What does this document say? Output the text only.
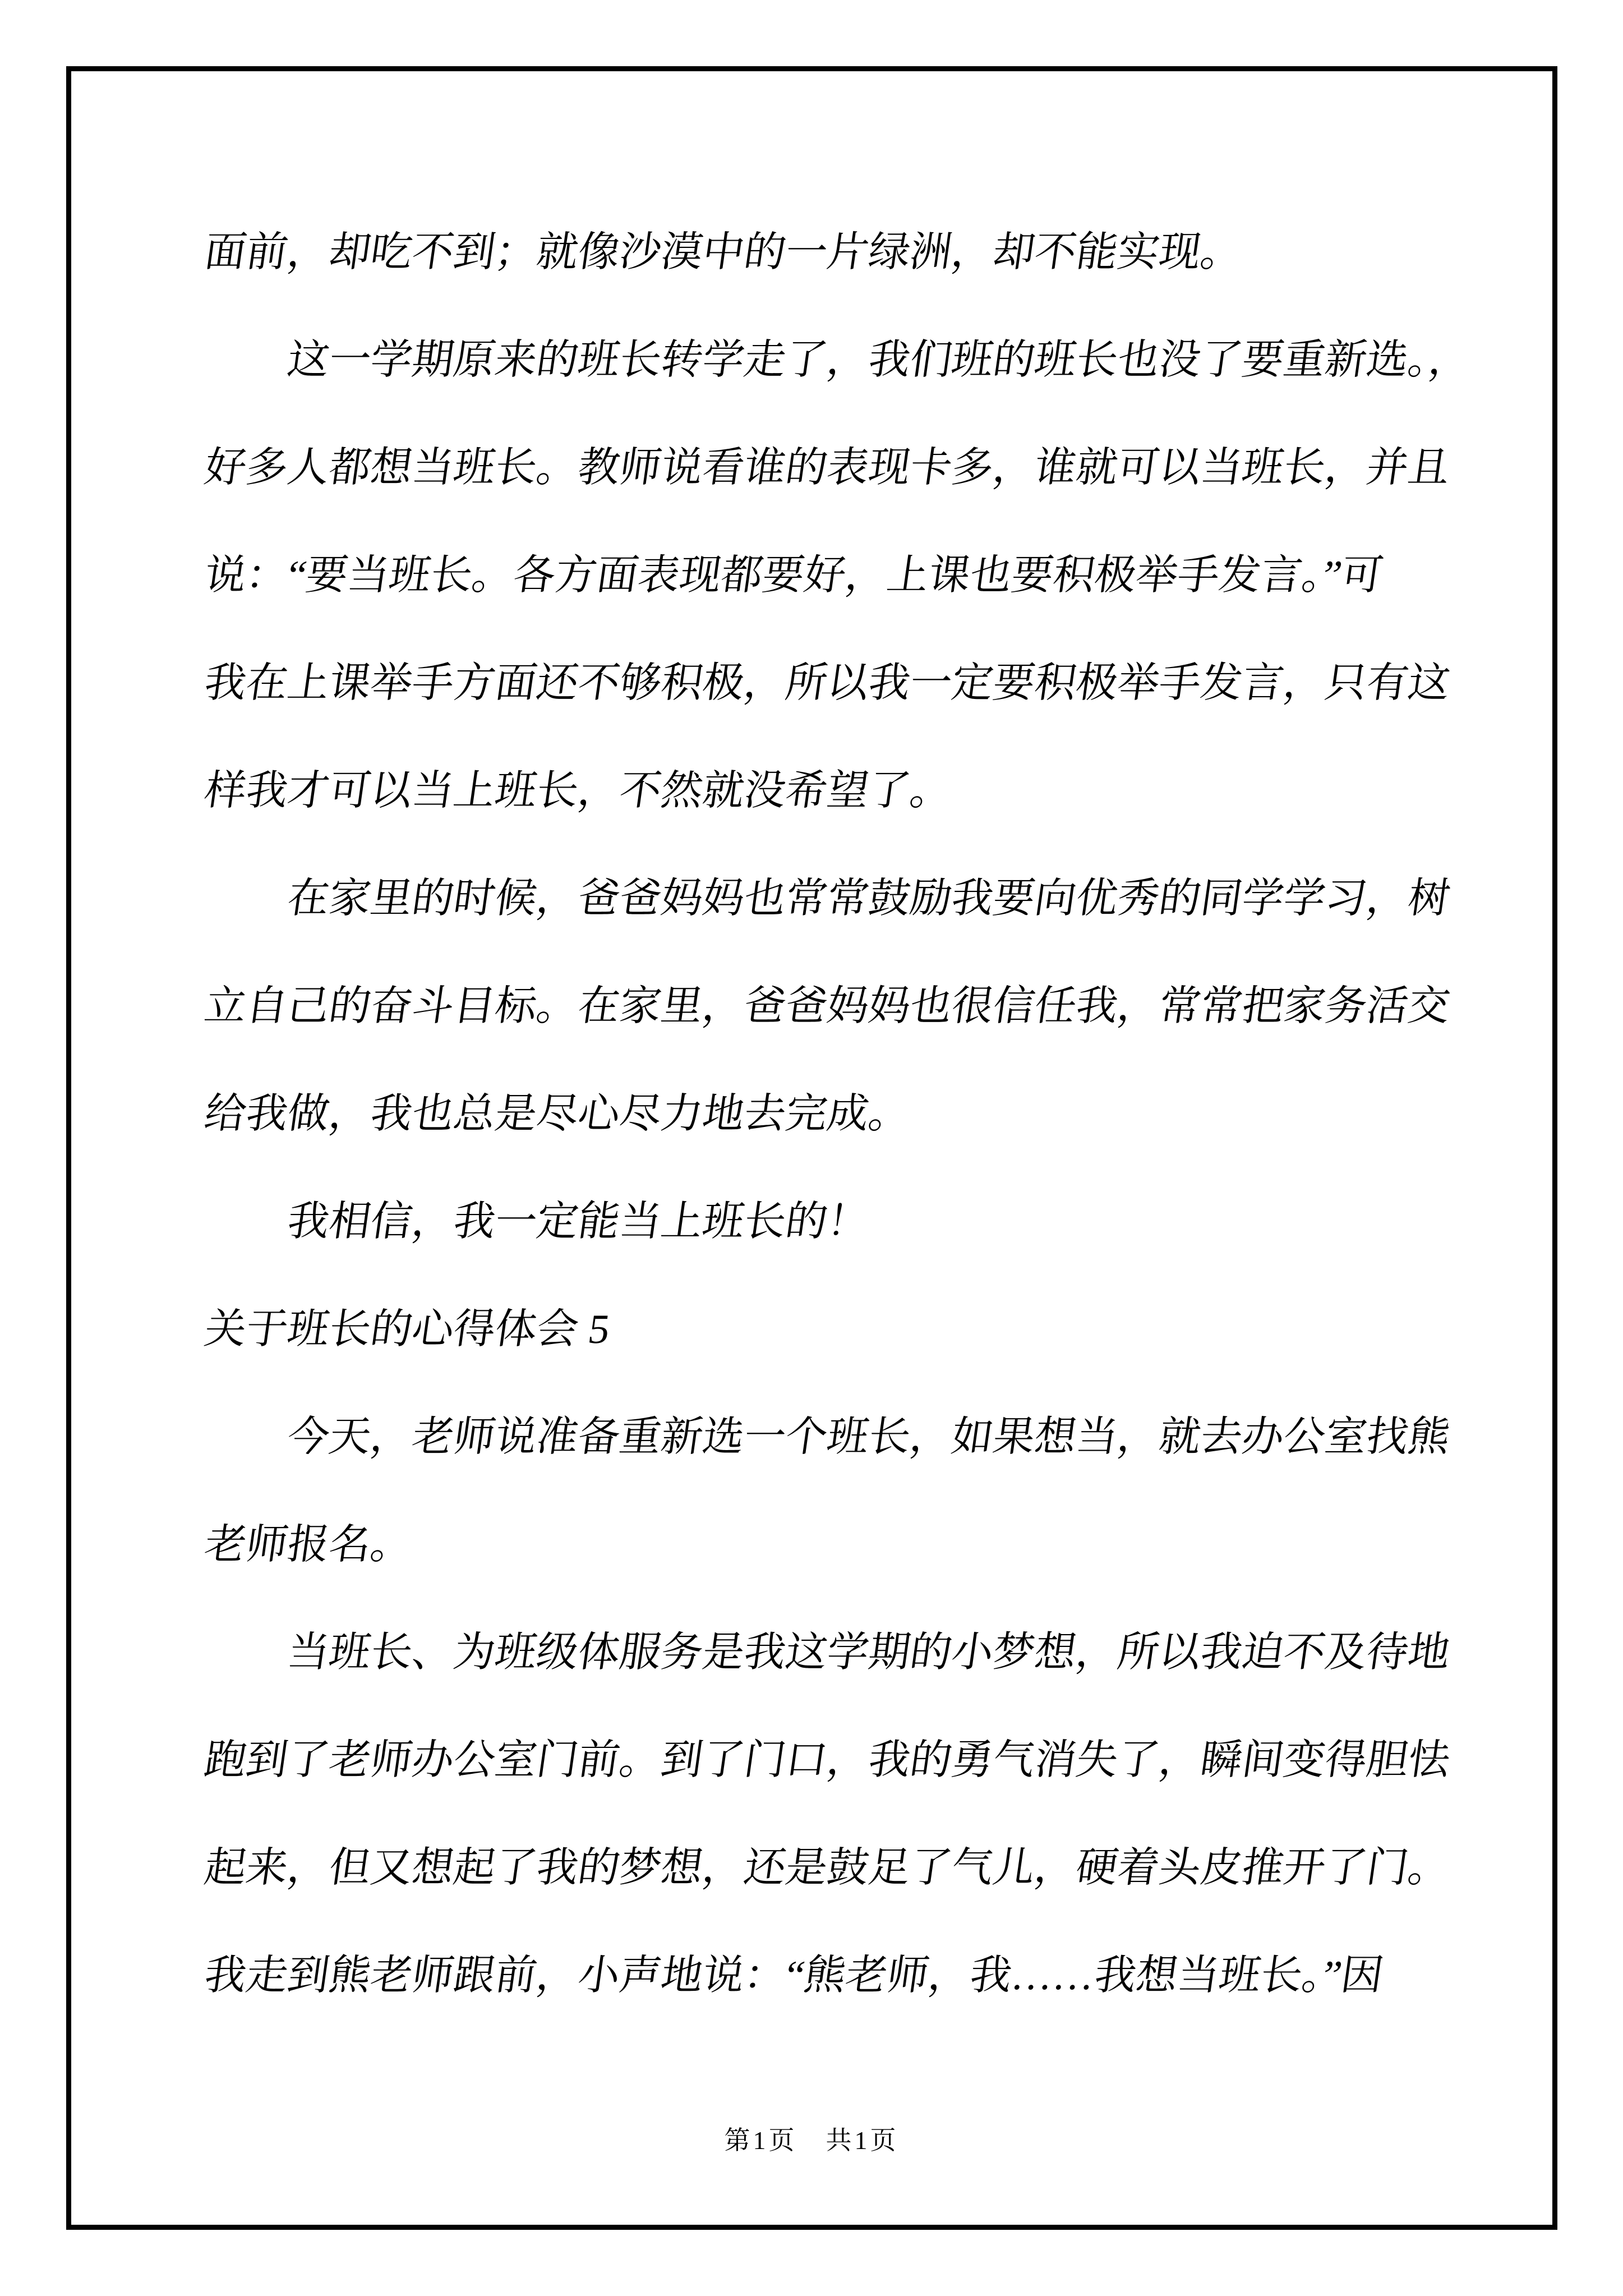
面前，却吃不到；就像沙漠中的一片绿洲，却不能实现。
　　这一学期原来的班长转学走了，我们班的班长也没了要重新选。，
好多人都想当班长。教师说看谁的表现卡多，谁就可以当班长，并且
说：“要当班长。各方面表现都要好，上课也要积极举手发言。”可
我在上课举手方面还不够积极，所以我一定要积极举手发言，只有这
样我才可以当上班长，不然就没希望了。
　　在家里的时候，爸爸妈妈也常常鼓励我要向优秀的同学学习，树
立自己的奋斗目标。在家里，爸爸妈妈也很信任我，常常把家务活交
给我做，我也总是尽心尽力地去完成。
　　我相信，我一定能当上班长的！
关于班长的心得体会 5
　　今天，老师说准备重新选一个班长，如果想当，就去办公室找熊
老师报名。
　　当班长、为班级体服务是我这学期的小梦想，所以我迫不及待地
跑到了老师办公室门前。到了门口，我的勇气消失了，瞬间变得胆怯
起来，但又想起了我的梦想，还是鼓足了气儿，硬着头皮推开了门。
我走到熊老师跟前，小声地说：“熊老师，我……我想当班长。”因
第1页　共1页
